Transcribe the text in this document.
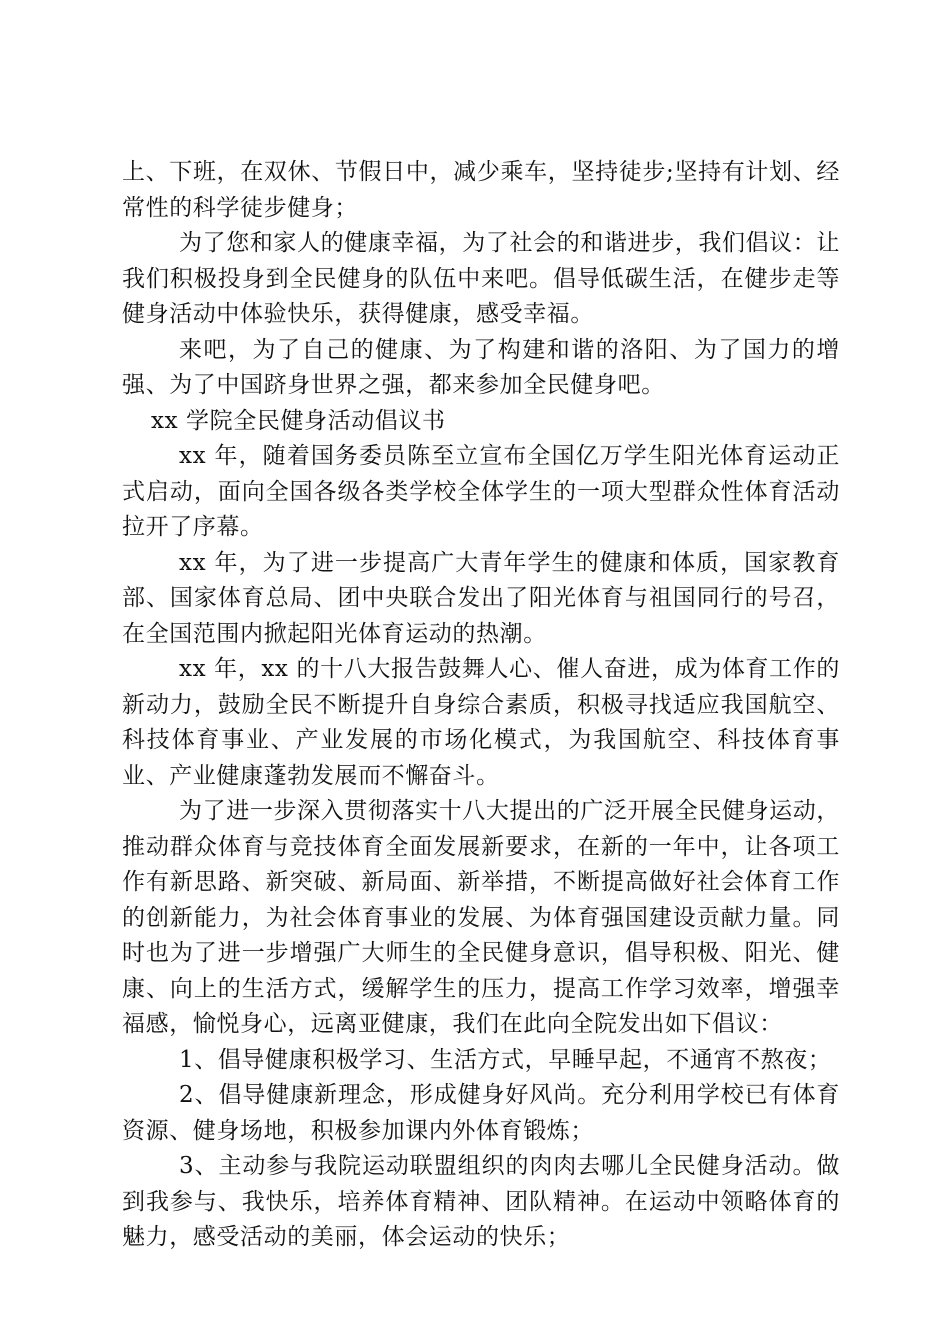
上、下班，在双休、节假日中，减少乘车，坚持徒步;坚持有计划、经常性的科学徒步健身；

为了您和家人的健康幸福，为了社会的和谐进步，我们倡议：让我们积极投身到全民健身的队伍中来吧。倡导低碳生活，在健步走等健身活动中体验快乐，获得健康，感受幸福。

来吧，为了自己的健康、为了构建和谐的洛阳、为了国力的增强、为了中国跻身世界之强，都来参加全民健身吧。

xx 学院全民健身活动倡议书

xx 年，随着国务委员陈至立宣布全国亿万学生阳光体育运动正式启动，面向全国各级各类学校全体学生的一项大型群众性体育活动拉开了序幕。

xx 年，为了进一步提高广大青年学生的健康和体质，国家教育部、国家体育总局、团中央联合发出了阳光体育与祖国同行的号召，在全国范围内掀起阳光体育运动的热潮。

xx 年，xx 的十八大报告鼓舞人心、催人奋进，成为体育工作的新动力，鼓励全民不断提升自身综合素质，积极寻找适应我国航空、科技体育事业、产业发展的市场化模式，为我国航空、科技体育事业、产业健康蓬勃发展而不懈奋斗。

为了进一步深入贯彻落实十八大提出的广泛开展全民健身运动，推动群众体育与竞技体育全面发展新要求，在新的一年中，让各项工作有新思路、新突破、新局面、新举措，不断提高做好社会体育工作的创新能力，为社会体育事业的发展、为体育强国建设贡献力量。同时也为了进一步增强广大师生的全民健身意识，倡导积极、阳光、健康、向上的生活方式，缓解学生的压力，提高工作学习效率，增强幸福感，愉悦身心，远离亚健康，我们在此向全院发出如下倡议：

1、倡导健康积极学习、生活方式，早睡早起，不通宵不熬夜；

2、倡导健康新理念，形成健身好风尚。充分利用学校已有体育资源、健身场地，积极参加课内外体育锻炼；

3、主动参与我院运动联盟组织的肉肉去哪儿全民健身活动。做到我参与、我快乐，培养体育精神、团队精神。在运动中领略体育的魅力，感受活动的美丽，体会运动的快乐；
